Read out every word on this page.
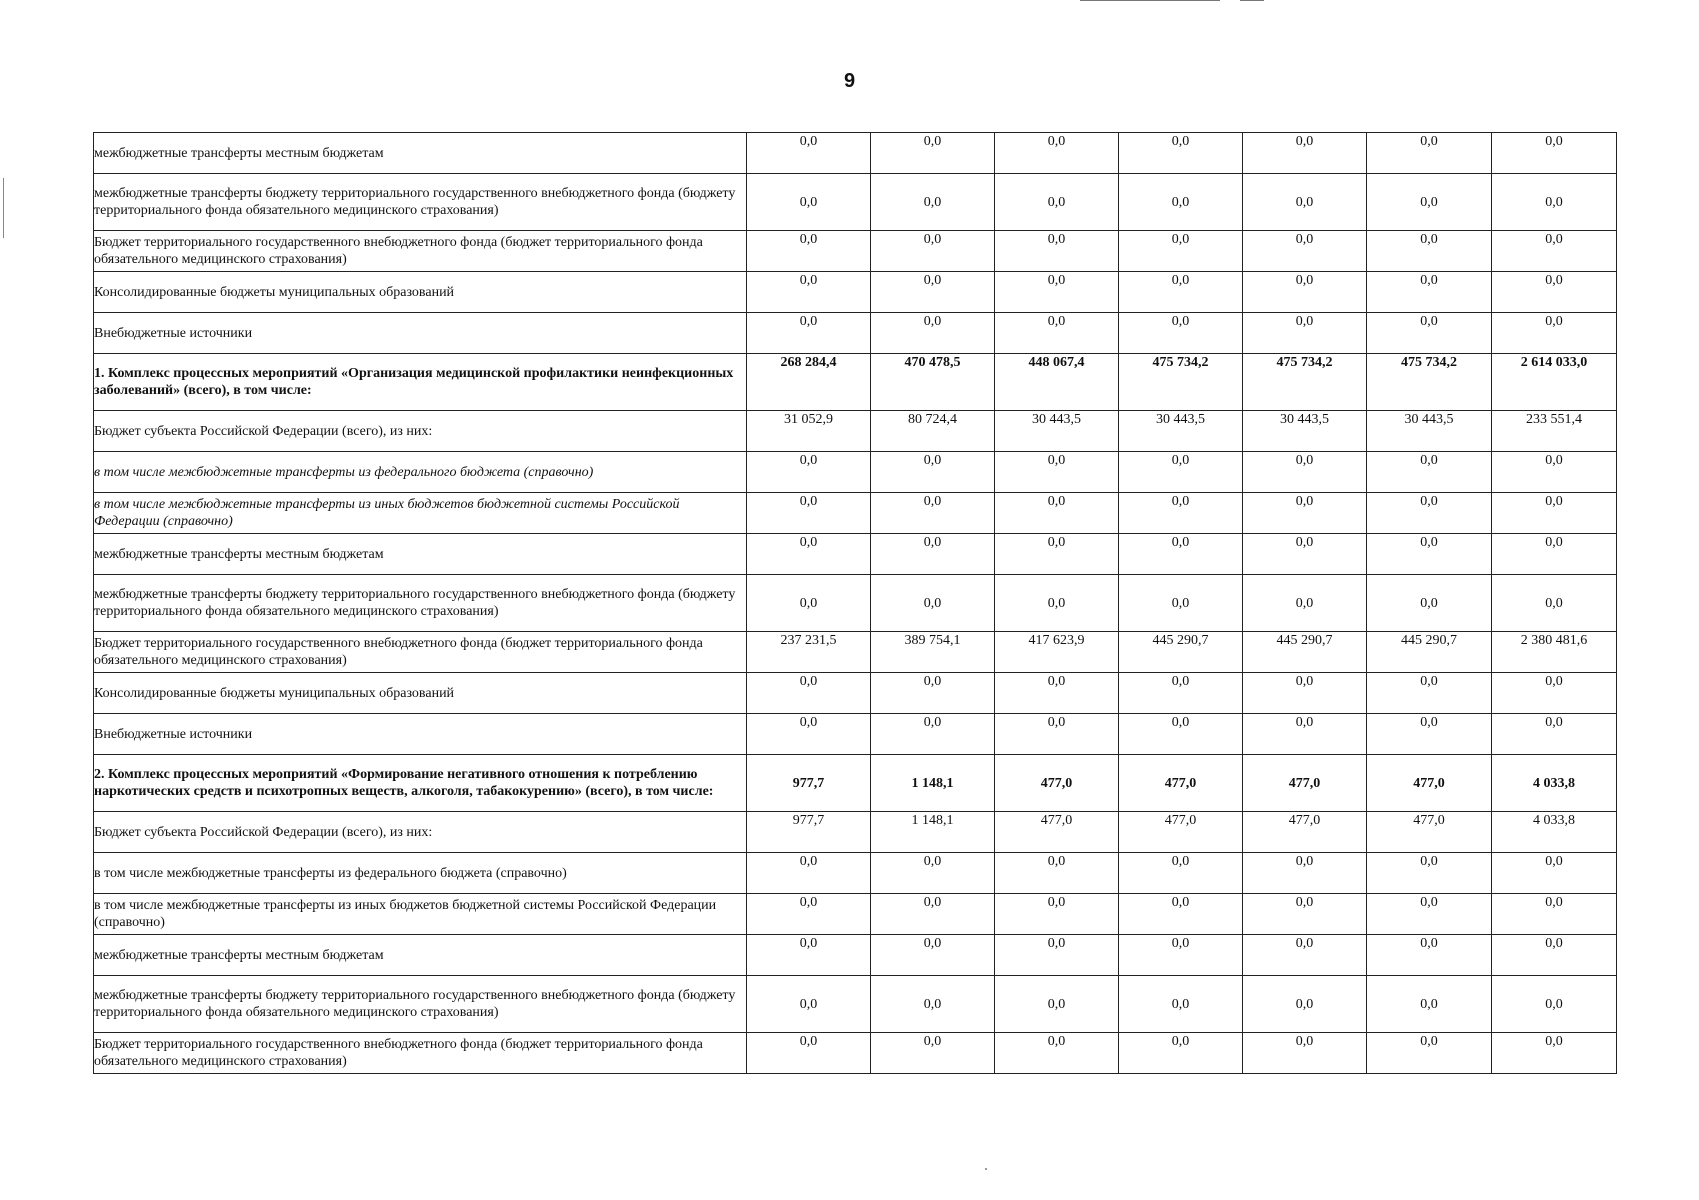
9
межбюджетные трансферты местным бюджетам	0,0	0,0	0,0	0,0	0,0	0,0	0,0
межбюджетные трансферты бюджету территориального государственного внебюджетного фонда (бюджету территориального фонда обязательного медицинского страхования)	0,0	0,0	0,0	0,0	0,0	0,0	0,0
Бюджет территориального государственного внебюджетного фонда (бюджет территориального фонда обязательного медицинского страхования)	0,0	0,0	0,0	0,0	0,0	0,0	0,0
Консолидированные бюджеты муниципальных образований	0,0	0,0	0,0	0,0	0,0	0,0	0,0
Внебюджетные источники	0,0	0,0	0,0	0,0	0,0	0,0	0,0
1. Комплекс процессных мероприятий «Организация медицинской профилактики неинфекционных заболеваний» (всего), в том числе:	268 284,4	470 478,5	448 067,4	475 734,2	475 734,2	475 734,2	2 614 033,0
Бюджет субъекта Российской Федерации (всего), из них:	31 052,9	80 724,4	30 443,5	30 443,5	30 443,5	30 443,5	233 551,4
в том числе межбюджетные трансферты из федерального бюджета (справочно)	0,0	0,0	0,0	0,0	0,0	0,0	0,0
в том числе межбюджетные трансферты из иных бюджетов бюджетной системы Российской Федерации (справочно)	0,0	0,0	0,0	0,0	0,0	0,0	0,0
межбюджетные трансферты местным бюджетам	0,0	0,0	0,0	0,0	0,0	0,0	0,0
межбюджетные трансферты бюджету территориального государственного внебюджетного фонда (бюджету территориального фонда обязательного медицинского страхования)	0,0	0,0	0,0	0,0	0,0	0,0	0,0
Бюджет территориального государственного внебюджетного фонда (бюджет территориального фонда обязательного медицинского страхования)	237 231,5	389 754,1	417 623,9	445 290,7	445 290,7	445 290,7	2 380 481,6
Консолидированные бюджеты муниципальных образований	0,0	0,0	0,0	0,0	0,0	0,0	0,0
Внебюджетные источники	0,0	0,0	0,0	0,0	0,0	0,0	0,0
2. Комплекс процессных мероприятий «Формирование негативного отношения к потреблению наркотических средств и психотропных веществ, алкоголя, табакокурению» (всего), в том числе:	977,7	1 148,1	477,0	477,0	477,0	477,0	4 033,8
Бюджет субъекта Российской Федерации (всего), из них:	977,7	1 148,1	477,0	477,0	477,0	477,0	4 033,8
в том числе межбюджетные трансферты из федерального бюджета (справочно)	0,0	0,0	0,0	0,0	0,0	0,0	0,0
в том числе межбюджетные трансферты из иных бюджетов бюджетной системы Российской Федерации (справочно)	0,0	0,0	0,0	0,0	0,0	0,0	0,0
межбюджетные трансферты местным бюджетам	0,0	0,0	0,0	0,0	0,0	0,0	0,0
межбюджетные трансферты бюджету территориального государственного внебюджетного фонда (бюджету территориального фонда обязательного медицинского страхования)	0,0	0,0	0,0	0,0	0,0	0,0	0,0
Бюджет территориального государственного внебюджетного фонда (бюджет территориального фонда обязательного медицинского страхования)	0,0	0,0	0,0	0,0	0,0	0,0	0,0
